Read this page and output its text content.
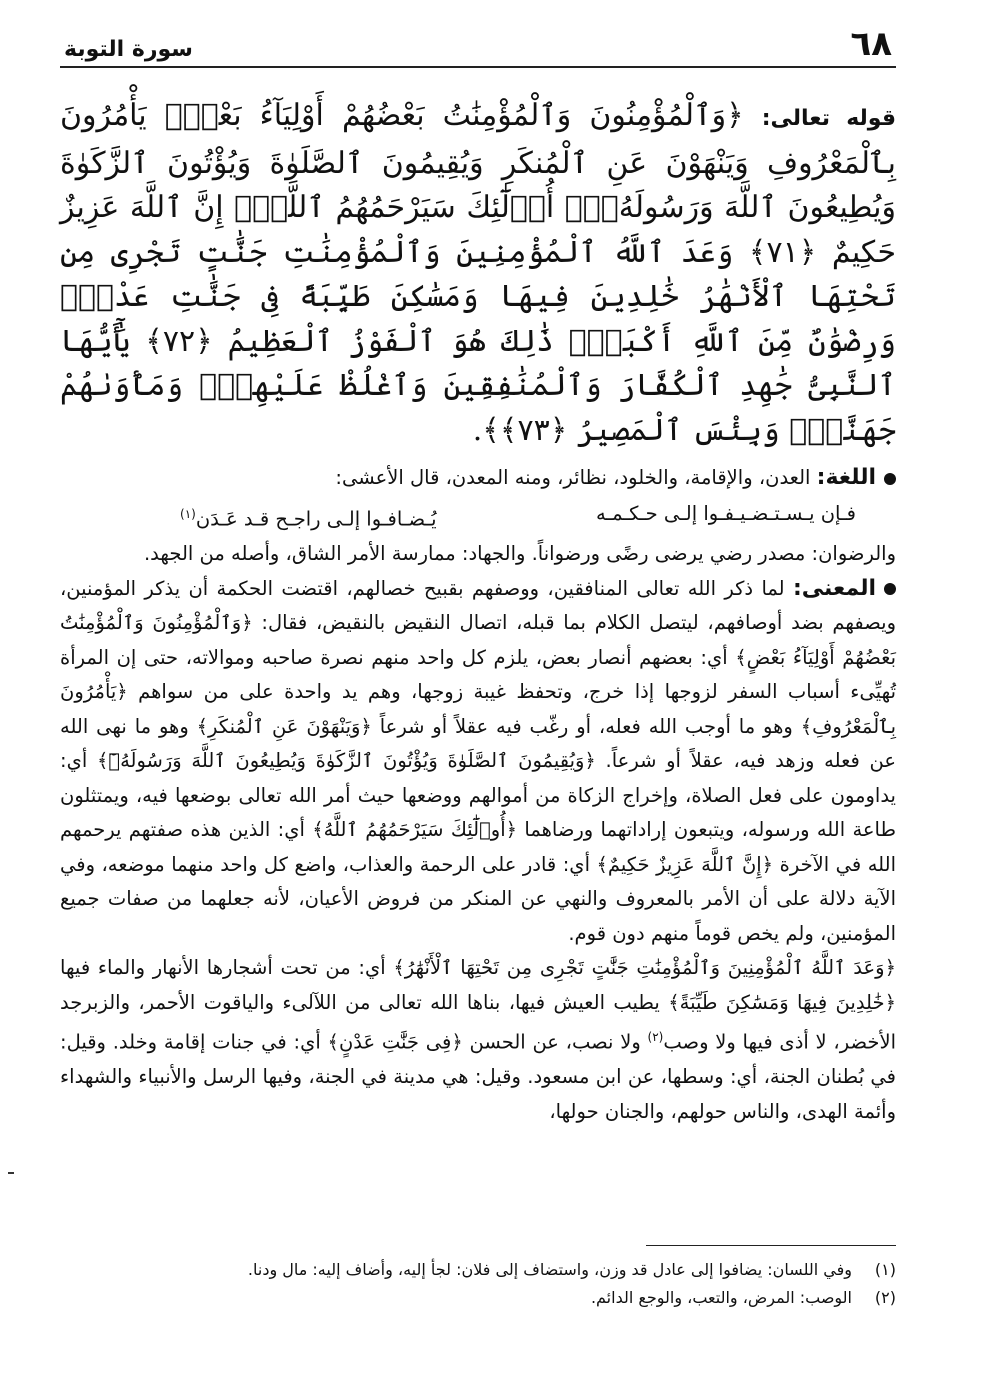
٦٨
سورة التوبة
قوله تعالى: ﴿وَٱلْمُؤْمِنُونَ وَٱلْمُؤْمِنَٰتُ بَعْضُهُمْ أَوْلِيَآءُ بَعْضٍۚ يَأْمُرُونَ بِٱلْمَعْرُوفِ وَيَنْهَوْنَ عَنِ ٱلْمُنكَرِ وَيُقِيمُونَ ٱلصَّلَوٰةَ وَيُؤْتُونَ ٱلزَّكَوٰةَ وَيُطِيعُونَ ٱللَّهَ وَرَسُولَهُۥٓۚ أُو۟لَٰٓئِكَ سَيَرْحَمُهُمُ ٱللَّهُۗ إِنَّ ٱللَّهَ عَزِيزٌ حَكِيمٌ ﴿٧١﴾ وَعَدَ ٱللَّهُ ٱلْمُؤْمِنِينَ وَٱلْمُؤْمِنَٰتِ جَنَّٰتٍ تَجْرِى مِن تَحْتِهَا ٱلْأَنْهَٰرُ خَٰلِدِينَ فِيهَا وَمَسَٰكِنَ طَيِّبَةً فِى جَنَّٰتِ عَدْنٍۚ وَرِضْوَٰنٌ مِّنَ ٱللَّهِ أَكْبَرُۚ ذَٰلِكَ هُوَ ٱلْفَوْزُ ٱلْعَظِيمُ ﴿٧٢﴾ يَٰٓأَيُّهَا ٱلنَّبِىُّ جَٰهِدِ ٱلْكُفَّارَ وَٱلْمُنَٰفِقِينَ وَٱغْلُظْ عَلَيْهِمْۚ وَمَأْوَىٰهُمْ جَهَنَّمُۖ وَبِئْسَ ٱلْمَصِيرُ ﴿٧٣﴾﴾.

اللغة: العدن، والإقامة، والخلود، نظائر، ومنه المعدن، قال الأعشى:

فـإن يـسـتـضـيـفـوا إلـى حـكـمـه
يُـضـافـوا إلـى راجـح قـد عَـدَن$^{(١)}$

والرضوان: مصدر رضي يرضى رضًى ورضواناً. والجهاد: ممارسة الأمر الشاق، وأصله من الجهد.

المعنى: لما ذكر الله تعالى المنافقين، ووصفهم بقبيح خصالهم، اقتضت الحكمة أن يذكر المؤمنين، ويصفهم بضد أوصافهم، ليتصل الكلام بما قبله، اتصال النقيض بالنقيض، فقال: ﴿وَٱلْمُؤْمِنُونَ وَٱلْمُؤْمِنَٰتُ بَعْضُهُمْ أَوْلِيَآءُ بَعْضٍ﴾ أي: بعضهم أنصار بعض، يلزم كل واحد منهم نصرة صاحبه وموالاته، حتى إن المرأة تُهيِّىء أسباب السفر لزوجها إذا خرج، وتحفظ غيبة زوجها، وهم يد واحدة على من سواهم ﴿يَأْمُرُونَ بِٱلْمَعْرُوفِ﴾ وهو ما أوجب الله فعله، أو رغّب فيه عقلاً أو شرعاً ﴿وَيَنْهَوْنَ عَنِ ٱلْمُنكَرِ﴾ وهو ما نهى الله عن فعله وزهد فيه، عقلاً أو شرعاً. ﴿وَيُقِيمُونَ ٱلصَّلَوٰةَ وَيُؤْتُونَ ٱلزَّكَوٰةَ وَيُطِيعُونَ ٱللَّهَ وَرَسُولَهُۥٓ﴾ أي: يداومون على فعل الصلاة، وإخراج الزكاة من أموالهم ووضعها حيث أمر الله تعالى بوضعها فيه، ويمتثلون طاعة الله ورسوله، ويتبعون إراداتهما ورضاهما ﴿أُو۟لَٰٓئِكَ سَيَرْحَمُهُمُ ٱللَّهُ﴾ أي: الذين هذه صفتهم يرحمهم الله في الآخرة ﴿إِنَّ ٱللَّهَ عَزِيزٌ حَكِيمٌ﴾ أي: قادر على الرحمة والعذاب، واضع كل واحد منهما موضعه، وفي الآية دلالة على أن الأمر بالمعروف والنهي عن المنكر من فروض الأعيان، لأنه جعلهما من صفات جميع المؤمنين، ولم يخص قوماً منهم دون قوم.

﴿وَعَدَ ٱللَّهُ ٱلْمُؤْمِنِينَ وَٱلْمُؤْمِنَٰتِ جَنَّٰتٍ تَجْرِى مِن تَحْتِهَا ٱلْأَنْهَٰرُ﴾ أي: من تحت أشجارها الأنهار والماء فيها ﴿خَٰلِدِينَ فِيهَا وَمَسَٰكِنَ طَيِّبَةً﴾ يطيب العيش فيها، بناها الله تعالى من اللآلىء والياقوت الأحمر، والزبرجد الأخضر، لا أذى فيها ولا وصب$^{(٢)}$ ولا نصب، عن الحسن ﴿فِى جَنَّٰتِ عَدْنٍ﴾ أي: في جنات إقامة وخلد. وقيل: في بُطنان الجنة، أي: وسطها، عن ابن مسعود. وقيل: هي مدينة في الجنة، وفيها الرسل والأنبياء والشهداء وأئمة الهدى، والناس حولهم، والجنان حولها،

(١)
وفي اللسان: يضافوا إلى عادل قد وزن، واستضاف إلى فلان: لجأ إليه، وأضاف إليه: مال ودنا.
(٢)
الوصب: المرض، والتعب، والوجع الدائم.
